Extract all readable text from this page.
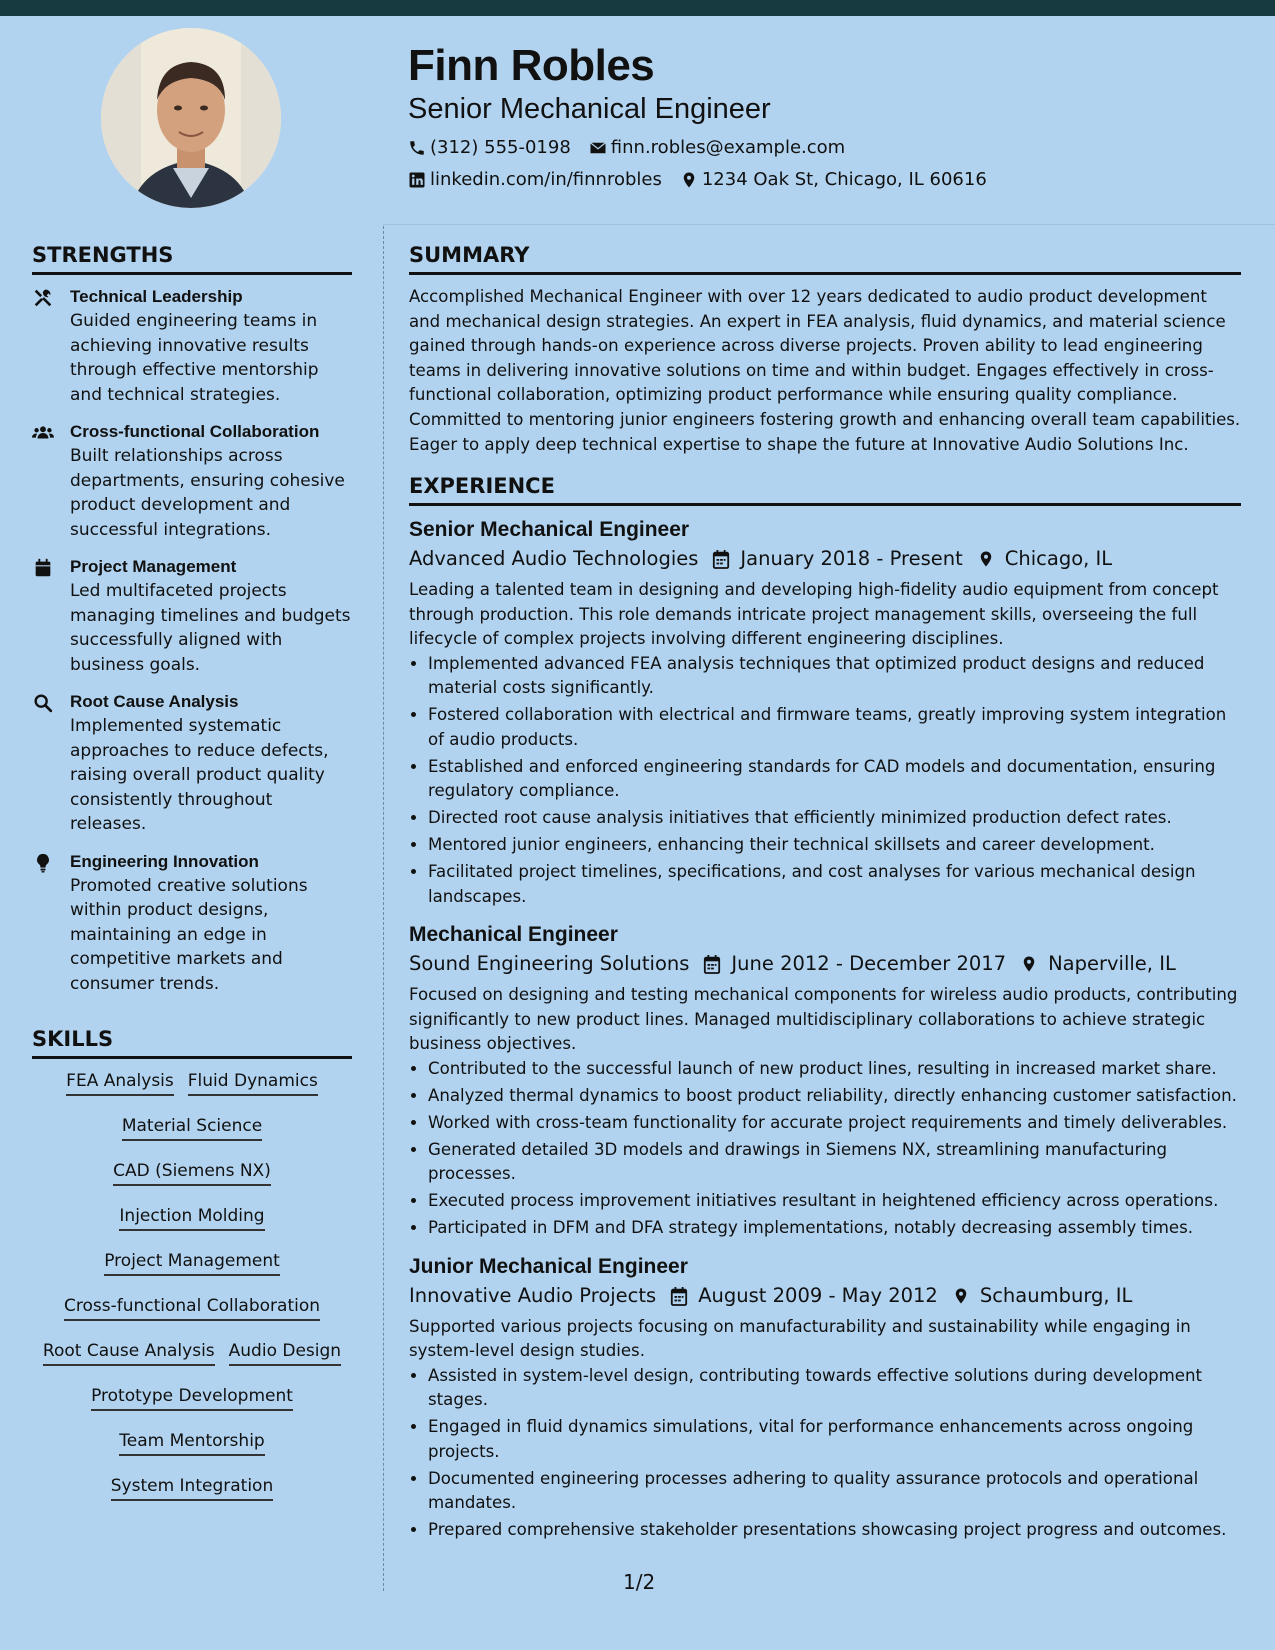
Finn Robles
Senior Mechanical Engineer
(312) 555-0198 finn.robles@example.com
linkedin.com/in/finnrobles 1234 Oak St, Chicago, IL 60616
STRENGTHS
Technical Leadership
Guided engineering teams in achieving innovative results through effective mentorship and technical strategies.
Cross-functional Collaboration
Built relationships across departments, ensuring cohesive product development and successful integrations.
Project Management
Led multifaceted projects managing timelines and budgets successfully aligned with business goals.
Root Cause Analysis
Implemented systematic approaches to reduce defects, raising overall product quality consistently throughout releases.
Engineering Innovation
Promoted creative solutions within product designs, maintaining an edge in competitive markets and consumer trends.
SKILLS
FEA Analysis Fluid Dynamics
Material Science
CAD (Siemens NX)
Injection Molding
Project Management
Cross-functional Collaboration
Root Cause Analysis Audio Design
Prototype Development
Team Mentorship
System Integration
SUMMARY

Accomplished Mechanical Engineer with over 12 years dedicated to audio product development and mechanical design strategies. An expert in FEA analysis, fluid dynamics, and material science gained through hands-on experience across diverse projects. Proven ability to lead engineering teams in delivering innovative solutions on time and within budget. Engages effectively in cross-functional collaboration, optimizing product performance while ensuring quality compliance. Committed to mentoring junior engineers fostering growth and enhancing overall team capabilities. Eager to apply deep technical expertise to shape the future at Innovative Audio Solutions Inc.

EXPERIENCE
Senior Mechanical Engineer
Advanced Audio Technologies January 2018 - Present Chicago, IL
Leading a talented team in designing and developing high-fidelity audio equipment from concept through production. This role demands intricate project management skills, overseeing the full lifecycle of complex projects involving different engineering disciplines.
• Implemented advanced FEA analysis techniques that optimized product designs and reduced material costs significantly.
• Fostered collaboration with electrical and firmware teams, greatly improving system integration of audio products.
• Established and enforced engineering standards for CAD models and documentation, ensuring regulatory compliance.
• Directed root cause analysis initiatives that efficiently minimized production defect rates.
• Mentored junior engineers, enhancing their technical skillsets and career development.
• Facilitated project timelines, specifications, and cost analyses for various mechanical design landscapes.
Mechanical Engineer
Sound Engineering Solutions June 2012 - December 2017 Naperville, IL
Focused on designing and testing mechanical components for wireless audio products, contributing significantly to new product lines. Managed multidisciplinary collaborations to achieve strategic business objectives.
• Contributed to the successful launch of new product lines, resulting in increased market share.
• Analyzed thermal dynamics to boost product reliability, directly enhancing customer satisfaction.
• Worked with cross-team functionality for accurate project requirements and timely deliverables.
• Generated detailed 3D models and drawings in Siemens NX, streamlining manufacturing processes.
• Executed process improvement initiatives resultant in heightened efficiency across operations.
• Participated in DFM and DFA strategy implementations, notably decreasing assembly times.
Junior Mechanical Engineer
Innovative Audio Projects August 2009 - May 2012 Schaumburg, IL
Supported various projects focusing on manufacturability and sustainability while engaging in system-level design studies.
• Assisted in system-level design, contributing towards effective solutions during development stages.
• Engaged in fluid dynamics simulations, vital for performance enhancements across ongoing projects.
• Documented engineering processes adhering to quality assurance protocols and operational mandates.
• Prepared comprehensive stakeholder presentations showcasing project progress and outcomes.
1/2
